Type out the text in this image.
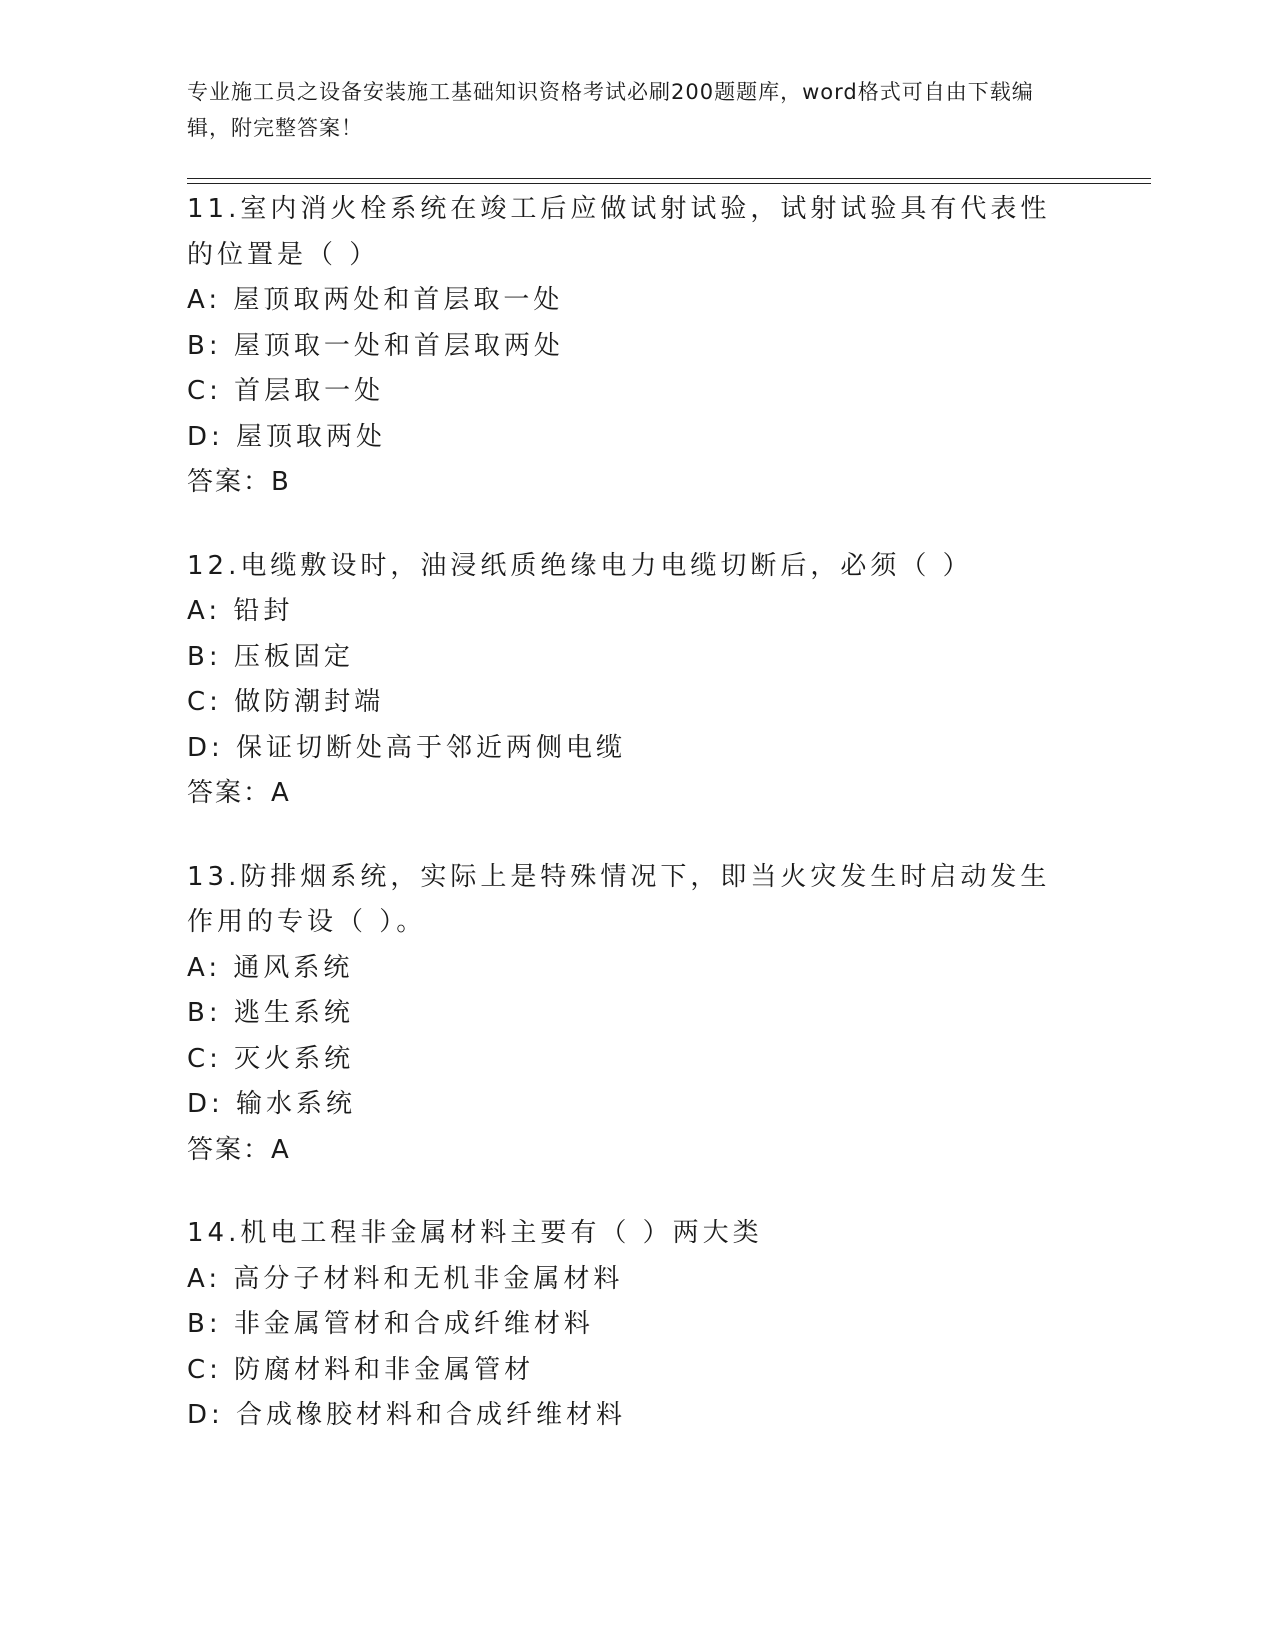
专业施工员之设备安装施工基础知识资格考试必刷200题题库，word格式可自由下载编辑，附完整答案！
11.室内消火栓系统在竣工后应做试射试验，试射试验具有代表性的位置是（ ）
A: 屋顶取两处和首层取一处
B: 屋顶取一处和首层取两处
C: 首层取一处
D: 屋顶取两处
答案：B
12.电缆敷设时，油浸纸质绝缘电力电缆切断后，必须（ ）
A: 铅封
B: 压板固定
C: 做防潮封端
D: 保证切断处高于邻近两侧电缆
答案：A
13.防排烟系统，实际上是特殊情况下，即当火灾发生时启动发生作用的专设（ ）。
A: 通风系统
B: 逃生系统
C: 灭火系统
D: 输水系统
答案：A
14.机电工程非金属材料主要有（ ）两大类
A: 高分子材料和无机非金属材料
B: 非金属管材和合成纤维材料
C: 防腐材料和非金属管材
D: 合成橡胶材料和合成纤维材料
